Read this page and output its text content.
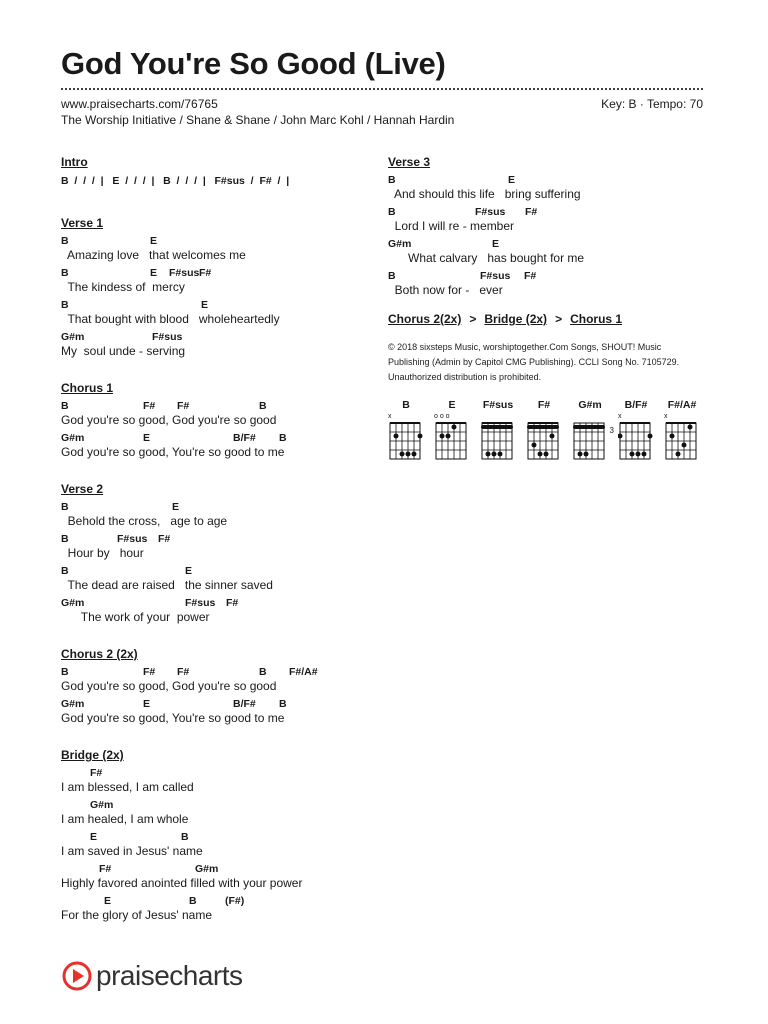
God You're So Good (Live)
www.praisecharts.com/76765	Key: B · Tempo: 70
The Worship Initiative / Shane & Shane / John Marc Kohl / Hannah Hardin
Intro
B  /  /  /  |   E  /  /  /  |   B  /  /  /  |   F#sus  /  F#  /  |
Verse 1
B	E
Amazing love   that welcomes me
B	E F#sus F#
The kindess of  mercy
B	E
That bought with blood   wholeheartedly
G#m	F#sus
My  soul unde - serving
Chorus 1
B	F# F#	B
God you're so good, God you're so good
G#m	E	B/F# B
God you're so good, You're so good to me
Verse 2
B	E
Behold the cross,   age to age
B	F#sus F#
Hour by   hour
B	E
The dead are raised   the sinner saved
G#m	F#sus F#
The work of your  power
Chorus 2 (2x)
B	F# F#	B F#/A#
God you're so good, God you're so good
G#m	E	B/F# B
God you're so good, You're so good to me
Bridge (2x)
F#
I am blessed, I am called
G#m
I am healed, I am whole
E	B
I am saved in Jesus' name
F#	G#m
Highly favored anointed filled with your power
E	B	(F#)
For the glory of Jesus' name
Verse 3
B	E
And should this life   bring suffering
B	F#sus F#
Lord I will re - member
G#m	E
What calvary   has bought for me
B	F#sus F#
Both now for -   ever
Chorus 2(2x) > Bridge (2x) > Chorus 1
© 2018 sixsteps Music, worshiptogether.Com Songs, SHOUT! Music Publishing (Admin by Capitol CMG Publishing). CCLI Song No. 7105729. Unauthorized distribution is prohibited.
B
x
E
o o o
F#sus	F#	G#m
3
B/F#
x
F#/A#
x
praisecharts
